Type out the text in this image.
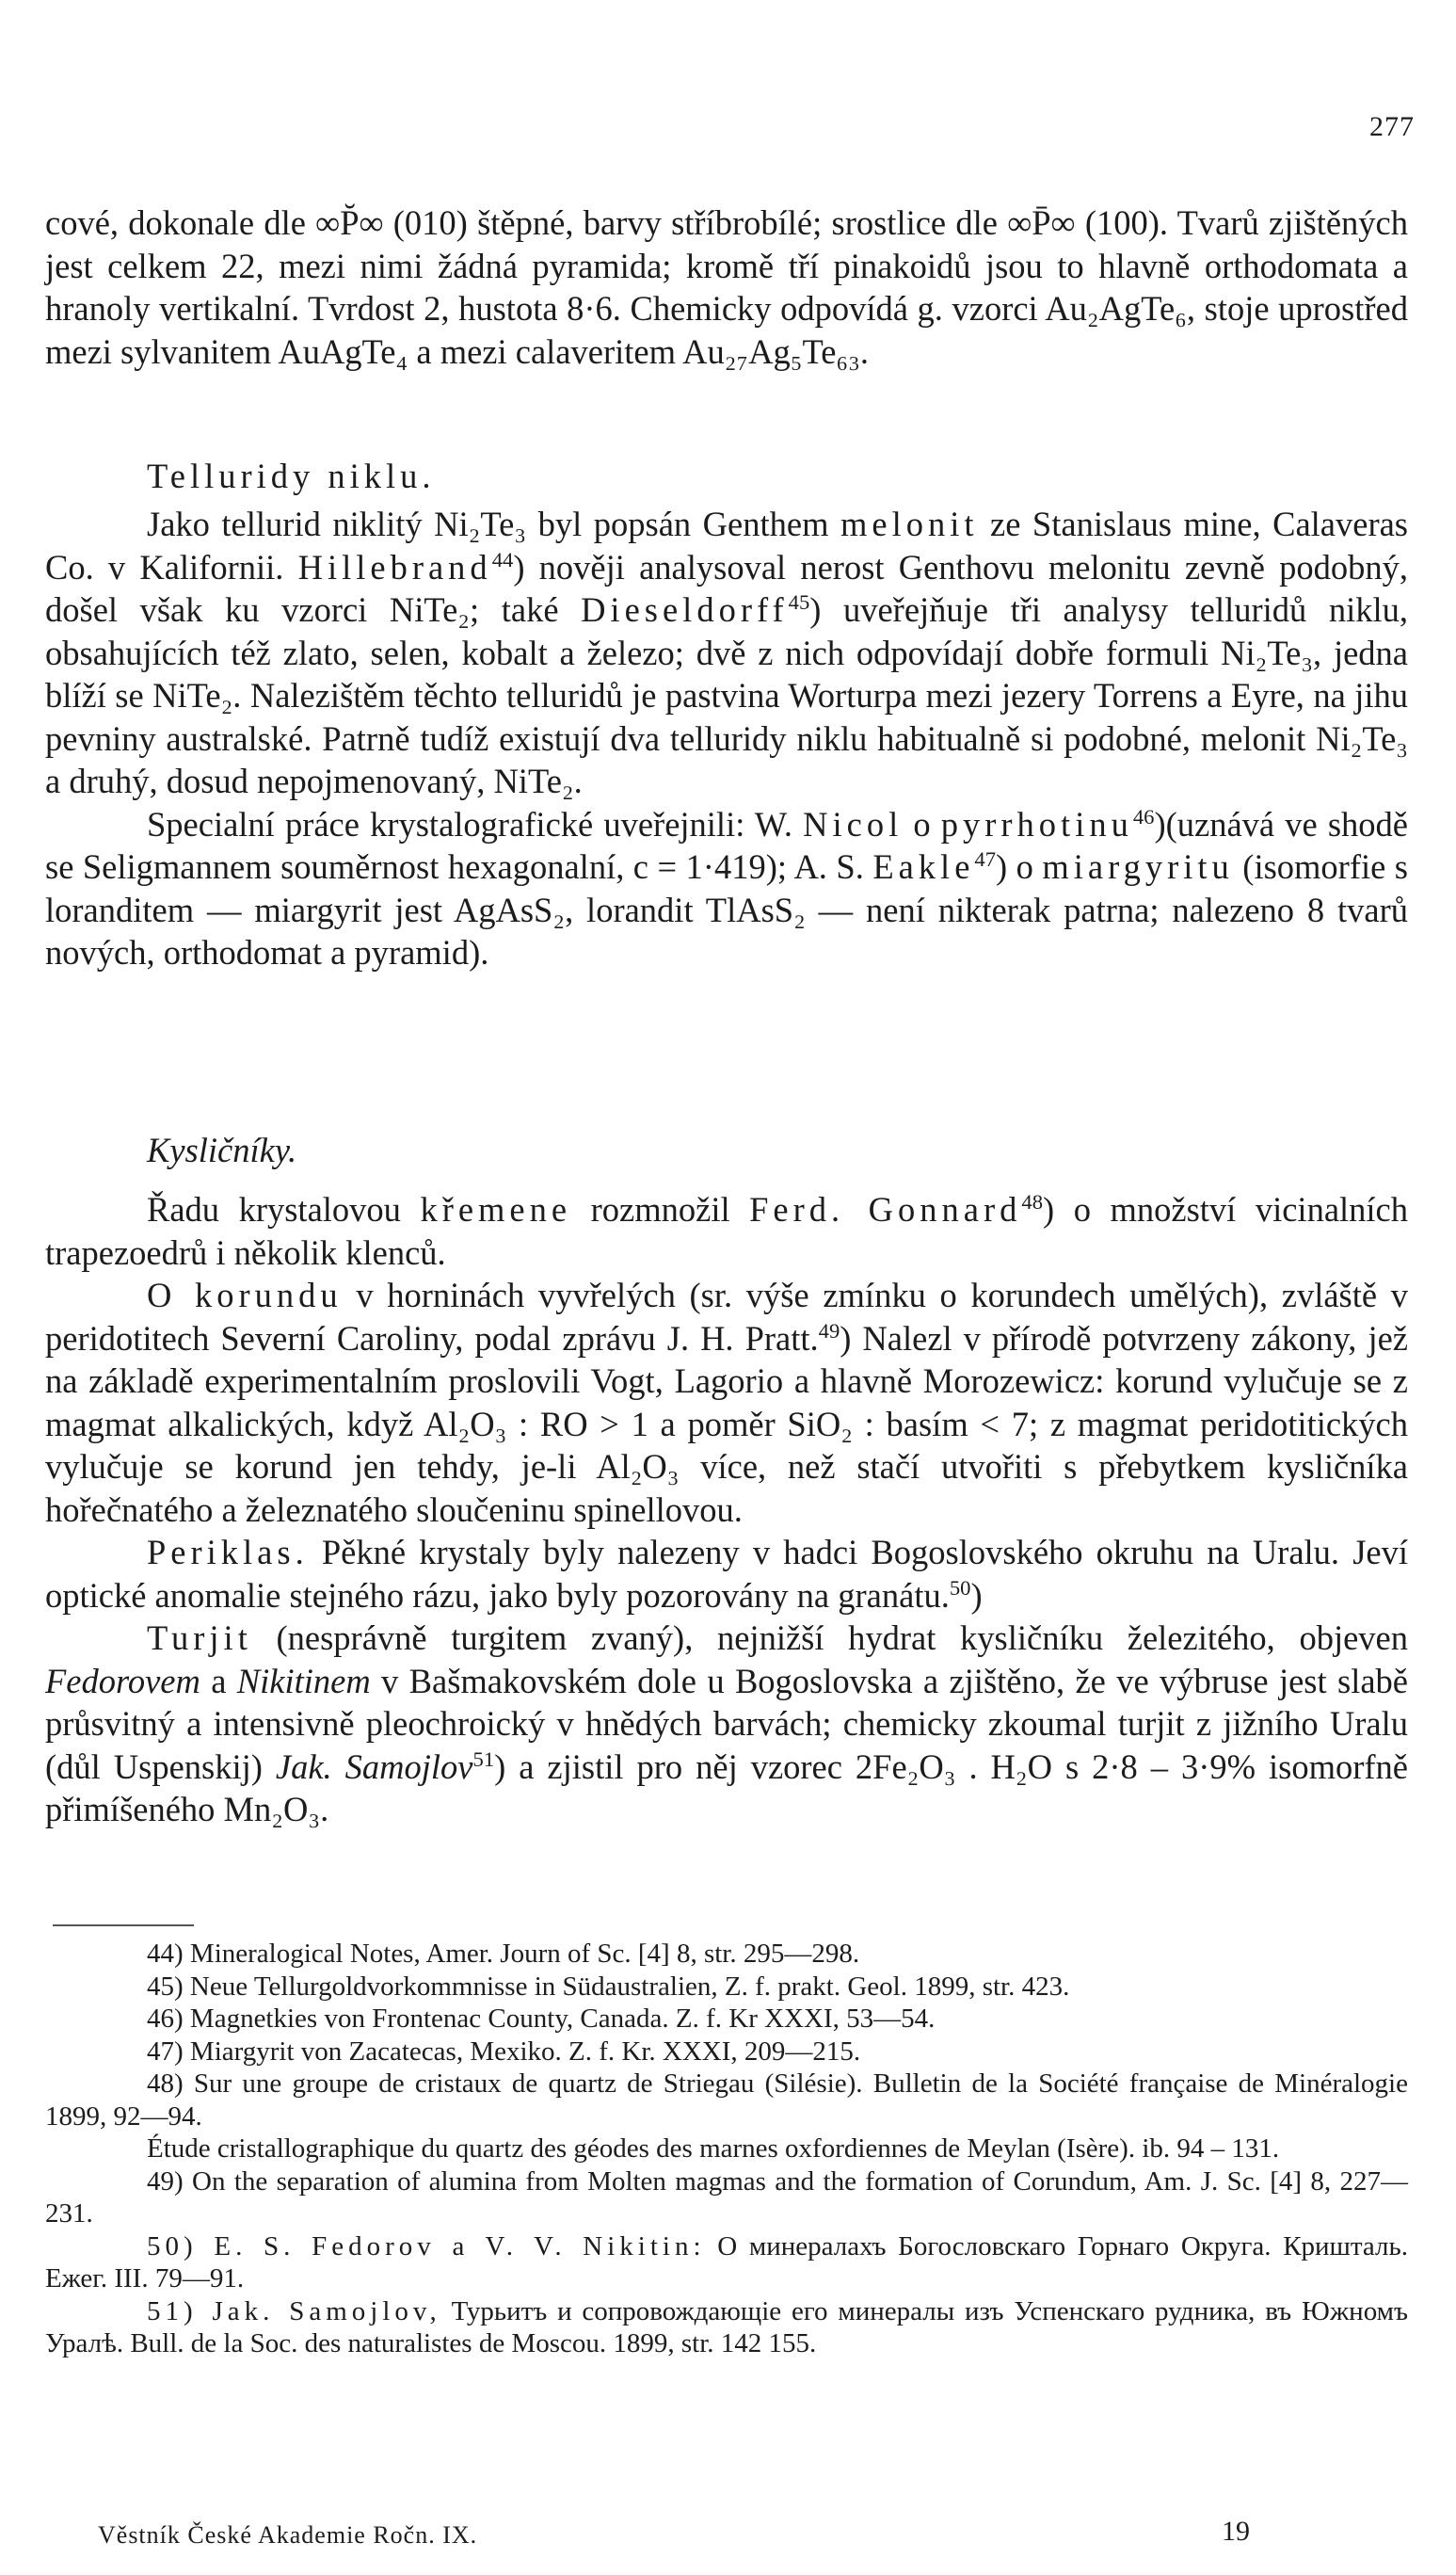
277

cové, dokonale dle ∞P̆∞ (010) štěpné, barvy stříbrobílé; srostlice dle ∞P̄∞ (100). Tvarů zjištěných jest celkem 22, mezi nimi žádná pyramida; kromě tří pinakoidů jsou to hlavně orthodomata a hranoly vertikalní. Tvrdost 2, hustota 8·6. Chemicky odpovídá g. vzorci Au₂AgTe₆, stoje uprostřed mezi sylvanitem AuAgTe₄ a mezi calaveritem Au₂₇Ag₅Te₆₃.

Telluridy niklu.

Jako tellurid niklitý Ni₂Te₃ byl popsán Genthem melonit ze Stanislaus mine, Calaveras Co. v Kalifornii. Hillebrand$^{44}$) nověji analysoval nerost Genthovu melonitu zevně podobný, došel však ku vzorci NiTe₂; také Dieseldorff$^{45}$) uveřejňuje tři analysy telluridů niklu, obsahujících též zlato, selen, kobalt a železo; dvě z nich odpovídají dobře formuli Ni₂Te₃, jedna blíží se NiTe₂. Nalezištěm těchto telluridů je pastvina Worturpa mezi jezery Torrens a Eyre, na jihu pevniny australské. Patrně tudíž existují dva telluridy niklu habitualně si podobné, melonit Ni₂Te₃ a druhý, dosud nepojmenovaný, NiTe₂.

Specialní práce krystalografické uveřejnili: W. Nicol o pyrrhotinu$^{46}$)(uznává ve shodě se Seligmannem souměrnost hexagonalní, c = 1·419); A. S. Eakle$^{47}$) o miargyritu (isomorfie s loranditem — miargyrit jest AgAsS₂, lorandit TlAsS₂ — není nikterak patrna; nalezeno 8 tvarů nových, orthodomat a pyramid).

Kysličníky.

Řadu krystalovou křemene rozmnožil Ferd. Gonnard$^{48}$) o množství vicinalních trapezoedrů i několik klenců.

O korundu v horninách vyvřelých (sr. výše zmínku o korundech umělých), zvláště v peridotitech Severní Caroliny, podal zprávu J. H. Pratt.$^{49}$) Nalezl v přírodě potvrzeny zákony, jež na základě experimentalním proslovili Vogt, Lagorio a hlavně Morozewicz: korund vylučuje se z magmat alkalických, když Al₂O₃ : RO > 1 a poměr SiO₂ : basím < 7; z magmat peridotitických vylučuje se korund jen tehdy, je-li Al₂O₃ více, než stačí utvořiti s přebytkem kysličníka hořečnatého a železnatého sloučeninu spinellovou.

Periklas. Pěkné krystaly byly nalezeny v hadci Bogoslovského okruhu na Uralu. Jeví optické anomalie stejného rázu, jako byly pozorovány na granátu.$^{50}$)

Turjit (nesprávně turgitem zvaný), nejnižší hydrat kysličníku železitého, objeven Fedorovem a Nikitinem v Bašmakovském dole u Bogoslovska a zjištěno, že ve výbruse jest slabě průsvitný a intensivně pleochroický v hnědých barvách; chemicky zkoumal turjit z jižního Uralu (důl Uspenskij) Jak. Samojlov$^{51}$) a zjistil pro něj vzorec 2Fe₂O₃ . H₂O s 2·8 – 3·9% isomorfně přimíšeného Mn₂O₃.

44) Mineralogical Notes, Amer. Journ of Sc. [4] 8, str. 295—298.

45) Neue Tellurgoldvorkommnisse in Südaustralien, Z. f. prakt. Geol. 1899, str. 423.

46) Magnetkies von Frontenac County, Canada. Z. f. Kr XXXI, 53—54.

47) Miargyrit von Zacatecas, Mexiko. Z. f. Kr. XXXI, 209—215.

48) Sur une groupe de cristaux de quartz de Striegau (Silésie). Bulletin de la Société française de Minéralogie 1899, 92—94.

Étude cristallographique du quartz des géodes des marnes oxfordiennes de Meylan (Isère). ib. 94 – 131.

49) On the separation of alumina from Molten magmas and the formation of Corundum, Am. J. Sc. [4] 8, 227—231.

50) E. S. Fedorov a V. V. Nikitin: О минералахъ Богословскаго Горнаго Округа. Кришталь. Ежег. III. 79—91.

51) Jak. Samojlov, Турьитъ и сопровождающіе его минералы изъ Успенскаго рудника, въ Южномъ Уралѣ. Bull. de la Soc. des naturalistes de Moscou. 1899, str. 142 155.

Věstník České Akademie Ročn. IX.	19
